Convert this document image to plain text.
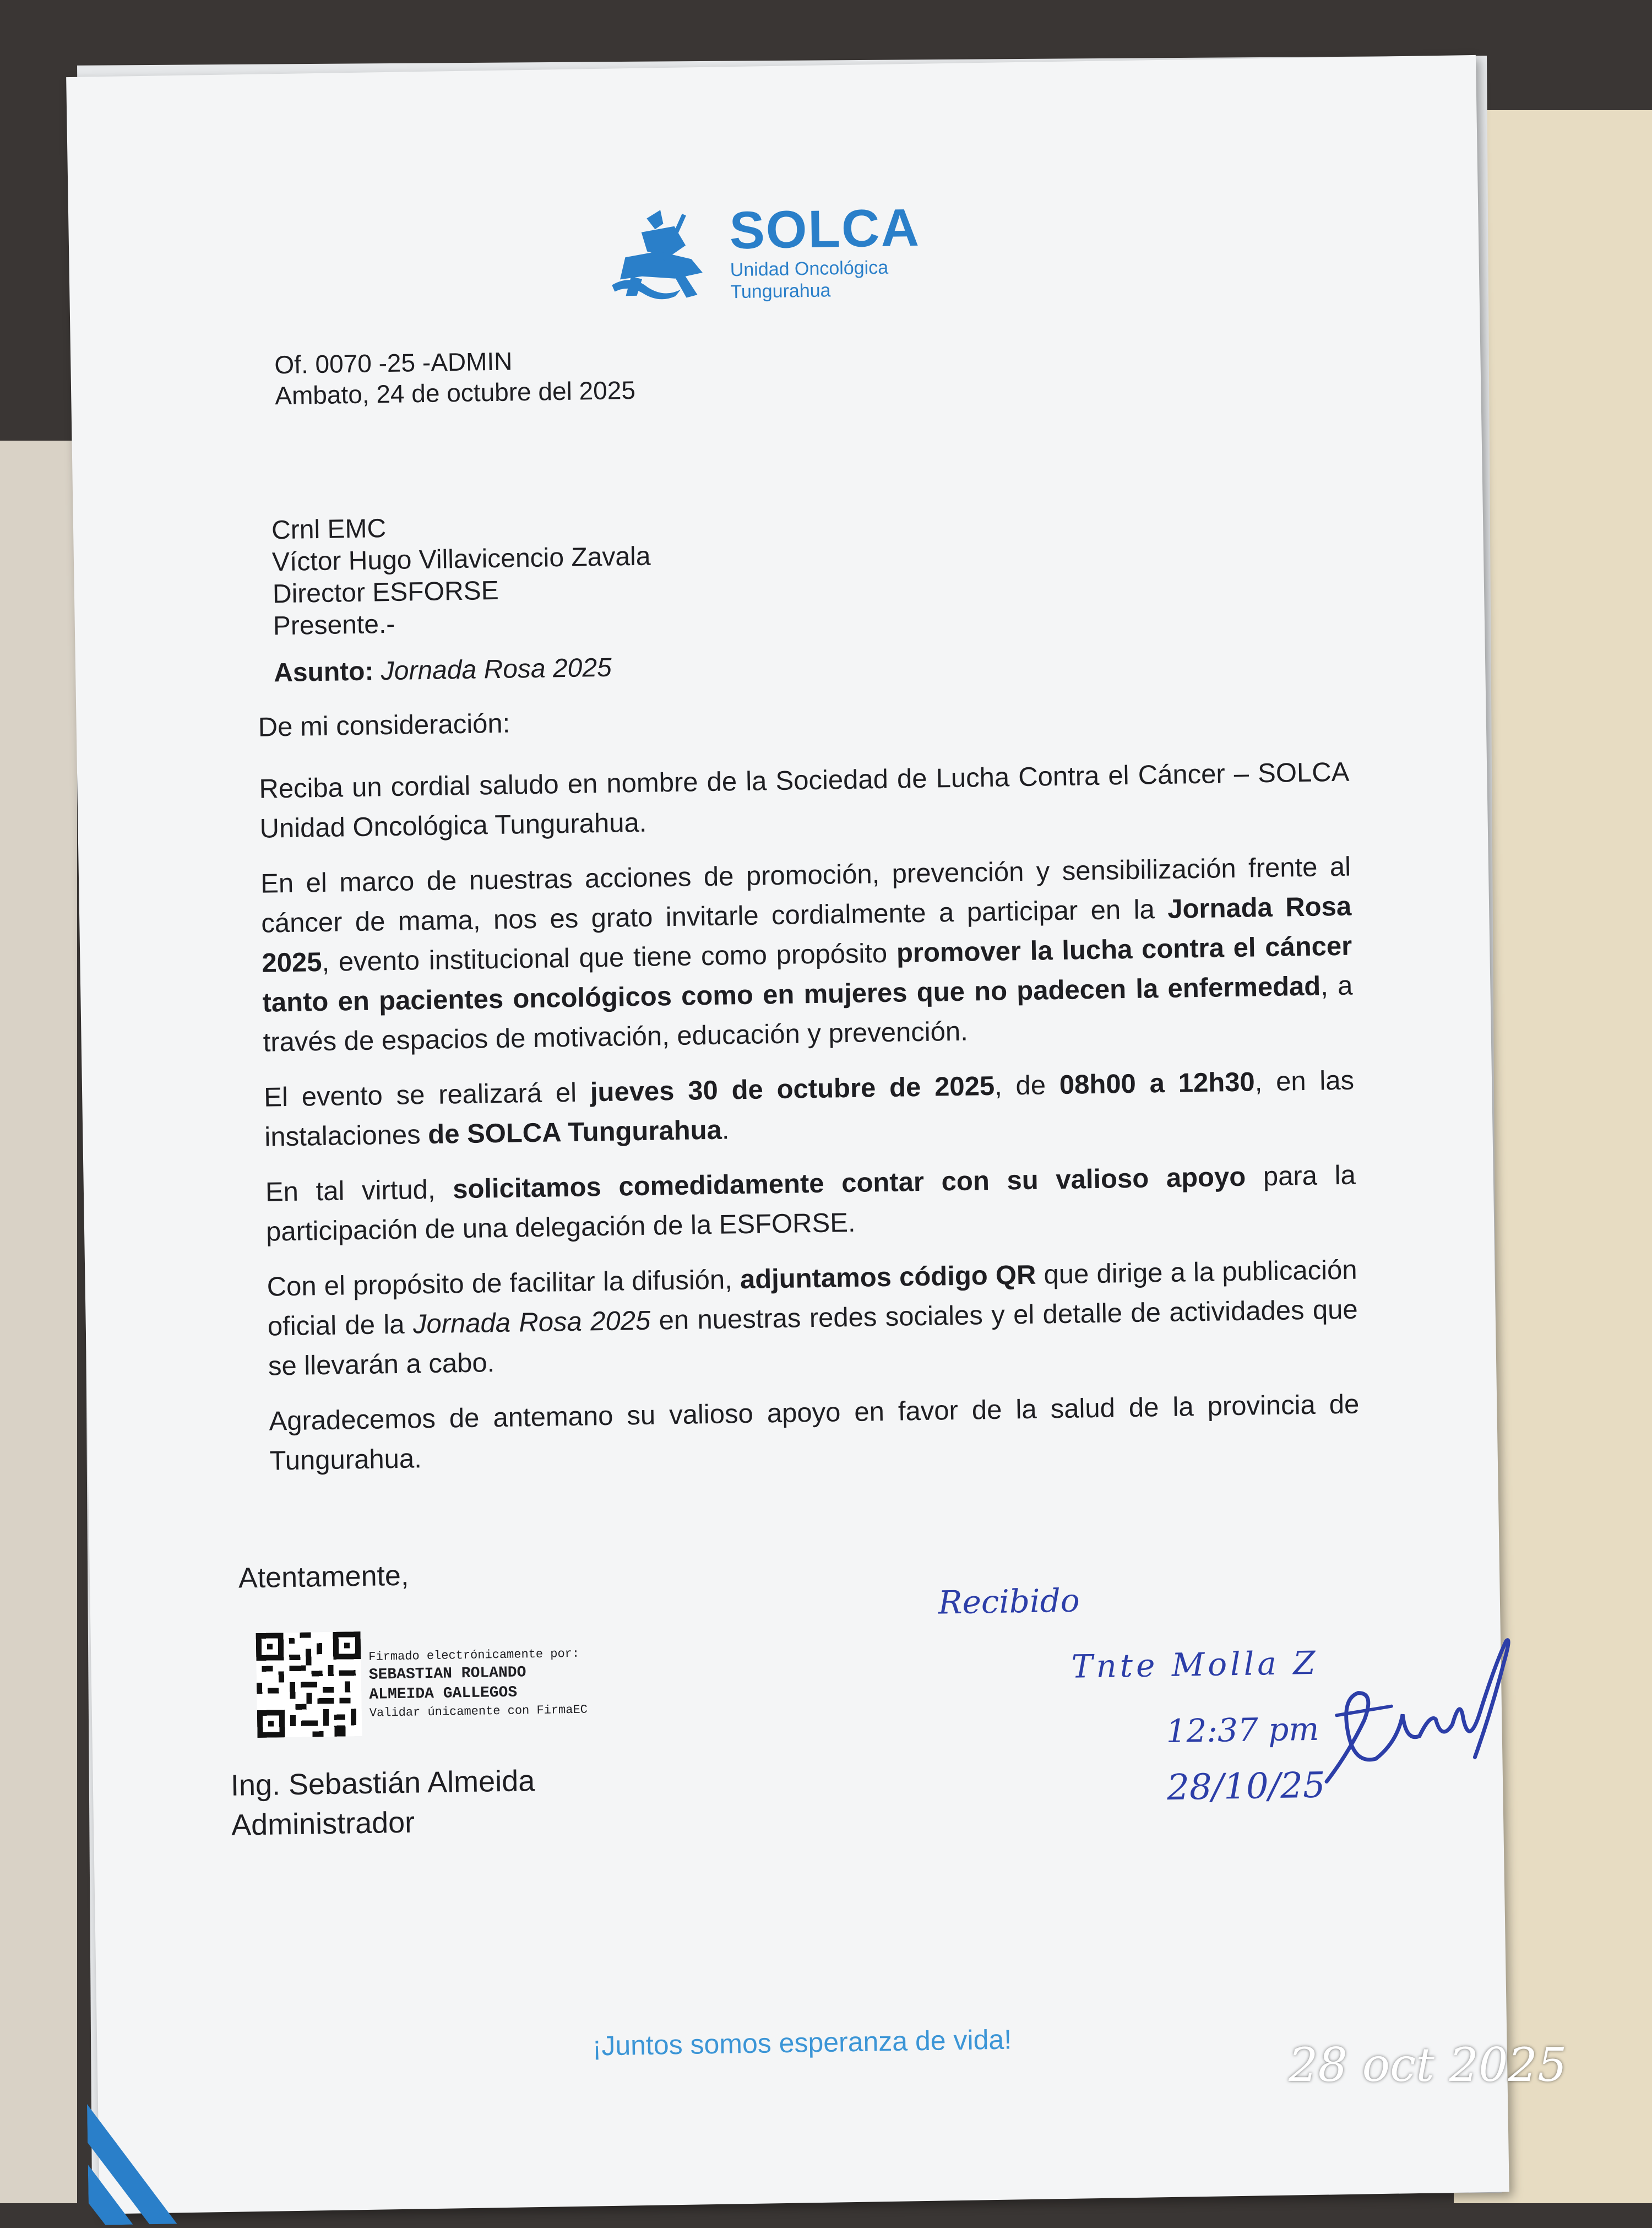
SOLCA
Unidad Oncológica
Tungurahua
Of. 0070 -25 -ADMIN
Ambato, 24 de octubre del 2025
Crnl EMC
Víctor Hugo Villavicencio Zavala
Director ESFORSE
Presente.-
Asunto: Jornada Rosa 2025

De mi consideración:

Reciba un cordial saludo en nombre de la Sociedad de Lucha Contra el Cáncer – SOLCA Unidad Oncológica Tungurahua.

En el marco de nuestras acciones de promoción, prevención y sensibilización frente al cáncer de mama, nos es grato invitarle cordialmente a participar en la Jornada Rosa 2025, evento institucional que tiene como propósito promover la lucha contra el cáncer tanto en pacientes oncológicos como en mujeres que no padecen la enfermedad, a través de espacios de motivación, educación y prevención.

El evento se realizará el jueves 30 de octubre de 2025, de 08h00 a 12h30, en las instalaciones de SOLCA Tungurahua.

En tal virtud, solicitamos comedidamente contar con su valioso apoyo para la participación de una delegación de la ESFORSE.

Con el propósito de facilitar la difusión, adjuntamos código QR que dirige a la publicación oficial de la Jornada Rosa 2025 en nuestras redes sociales y el detalle de actividades que se llevarán a cabo.

Agradecemos de antemano su valioso apoyo en favor de la salud de la provincia de Tungurahua.

Atentamente,
Firmado electrónicamente por:
SEBASTIAN ROLANDO
ALMEIDA GALLEGOS
Validar únicamente con FirmaEC
Ing. Sebastián Almeida
Administrador
Recibido
Tnte Molla Z
12:37 pm
28/10/25
¡Juntos somos esperanza de vida!	28 oct 2025
